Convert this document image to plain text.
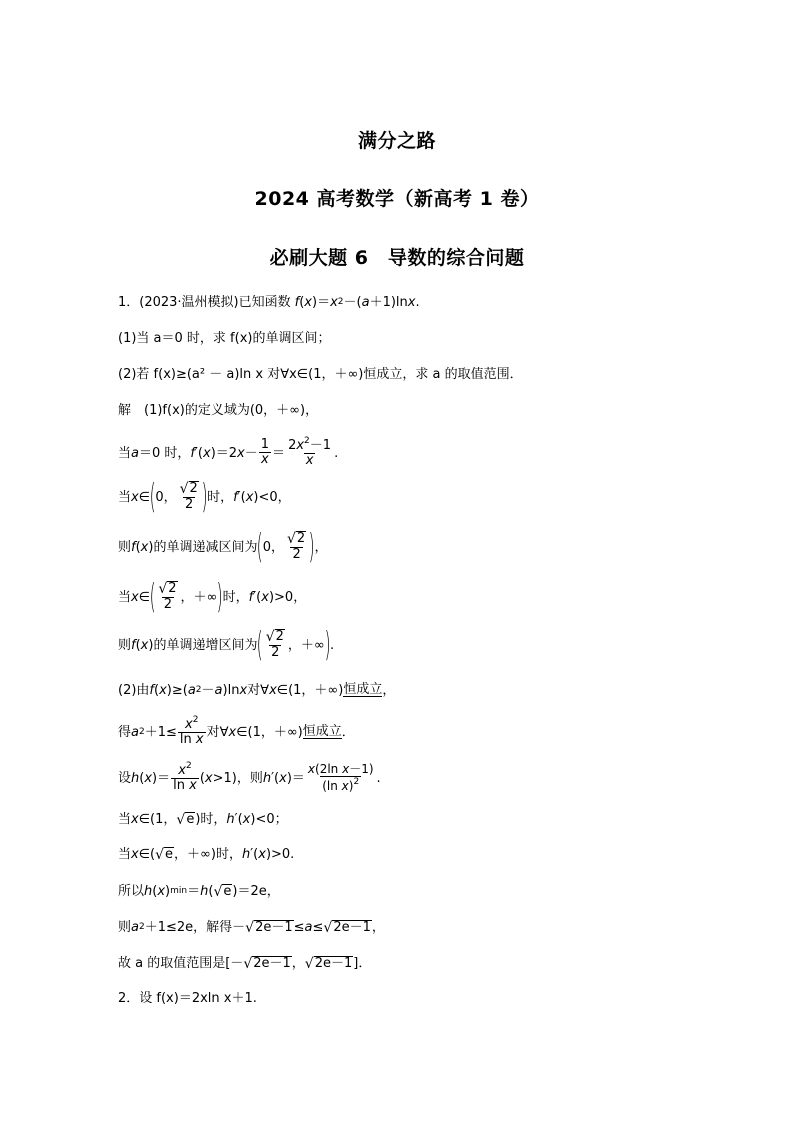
满分之路
2024 高考数学（新高考 1 卷）
必刷大题 6　导数的综合问题
1．(2023·温州模拟)已知函数 f ( x )＝ x 2 －( a ＋1)ln x .
(1)当 a＝0 时，求 f(x)的单调区间；
(2)若 f(x)≥(a² － a)ln x 对∀x∈(1，＋∞)恒成立，求 a 的取值范围．
解　(1)f(x)的定义域为(0，＋∞)，
当 a ＝0 时， f ′( x )＝2 $x - \frac{1}{x} = \frac{2x^2-1}{x}$ .
当 x ∈ ( 0， $\frac{√ 2}{2}$ ) 时， f ′( x )<0，
则 f ( x )的单调递减区间为 ( 0， $\frac{√ 2}{2}$ ) ，
当 x ∈ ( $\frac{√ 2}{2}$ ，＋∞ ) 时， f ′( x )>0，
则 f ( x )的单调递增区间为 ( $\frac{√ 2}{2}$ ，＋∞ ) .
(2)由 f ( x )≥( a 2 － a )ln x 对∀ x ∈(1，＋∞) 恒成立 ，
得 a $2 +1\le \frac{x^2}{\text{ln x}}$ 对∀ x ∈(1，＋∞) 恒成立 ．
设 h ( x )＝ $\frac{x^2}{\text{ln x}}$ ( x >1)，则 h ′( x )＝ $\frac{\text{x(2ln x－1)}}{(\ln x)^2}$ .
当 x ∈(1， √ e )时， h ′( x )<0；
当 x ∈( √ e ，＋∞)时， h ′( x )>0.
所以 h ( x ) min ＝ h ( √ e )＝2e，
则 a 2 ＋1≤2e，解得－ √ 2e－1 ≤ a ≤ √ 2e－1 ，
故 a 的取值范围是 [－ √ 2e－1 ， √ 2e－1 ]．
2．设 f(x)＝2xln x＋1.
